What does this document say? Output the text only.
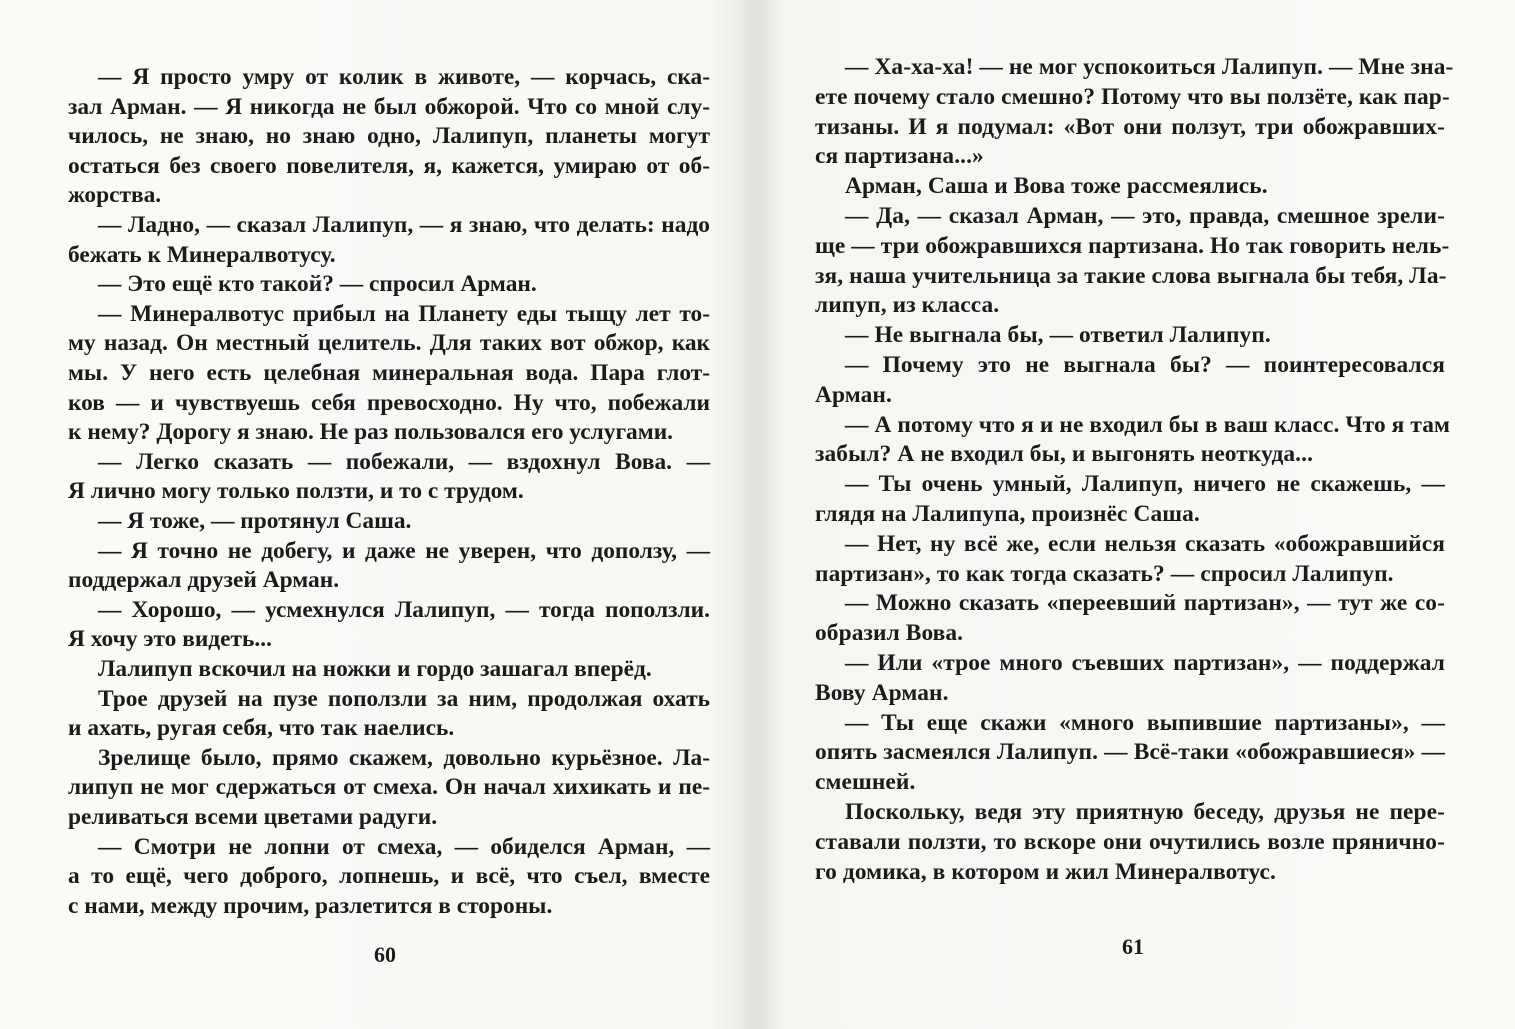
— Я просто умру от колик в животе, — корчась, ска-
зал Арман. — Я никогда не был обжорой. Что со мной слу-
чилось, не знаю, но знаю одно, Лалипуп, планеты могут
остаться без своего повелителя, я, кажется, умираю от об-
жорства.
— Ладно, — сказал Лалипуп, — я знаю, что делать: надо
бежать к Минералвотусу.
— Это ещё кто такой? — спросил Арман.
— Минералвотус прибыл на Планету еды тыщу лет то-
му назад. Он местный целитель. Для таких вот обжор, как
мы. У него есть целебная минеральная вода. Пара глот-
ков — и чувствуешь себя превосходно. Ну что, побежали
к нему? Дорогу я знаю. Не раз пользовался его услугами.
— Легко сказать — побежали, — вздохнул Вова. —
Я лично могу только ползти, и то с трудом.
— Я тоже, — протянул Саша.
— Я точно не добегу, и даже не уверен, что доползу, —
поддержал друзей Арман.
— Хорошо, — усмехнулся Лалипуп, — тогда поползли.
Я хочу это видеть...
Лалипуп вскочил на ножки и гордо зашагал вперёд.
Трое друзей на пузе поползли за ним, продолжая охать
и ахать, ругая себя, что так наелись.
Зрелище было, прямо скажем, довольно курьёзное. Ла-
липуп не мог сдержаться от смеха. Он начал хихикать и пе-
реливаться всеми цветами радуги.
— Смотри не лопни от смеха, — обиделся Арман, —
а то ещё, чего доброго, лопнешь, и всё, что съел, вместе
с нами, между прочим, разлетится в стороны.
60
— Ха-ха-ха! — не мог успокоиться Лалипуп. — Мне зна-
ете почему стало смешно? Потому что вы ползёте, как пар-
тизаны. И я подумал: «Вот они ползут, три обожравших-
ся партизана...»
Арман, Саша и Вова тоже рассмеялись.
— Да, — сказал Арман, — это, правда, смешное зрели-
ще — три обожравшихся партизана. Но так говорить нель-
зя, наша учительница за такие слова выгнала бы тебя, Ла-
липуп, из класса.
— Не выгнала бы, — ответил Лалипуп.
— Почему это не выгнала бы? — поинтересовался
Арман.
— А потому что я и не входил бы в ваш класс. Что я там
забыл? А не входил бы, и выгонять неоткуда...
— Ты очень умный, Лалипуп, ничего не скажешь, —
глядя на Лалипупа, произнёс Саша.
— Нет, ну всё же, если нельзя сказать «обожравшийся
партизан», то как тогда сказать? — спросил Лалипуп.
— Можно сказать «переевший партизан», — тут же со-
образил Вова.
— Или «трое много съевших партизан», — поддержал
Вову Арман.
— Ты еще скажи «много выпившие партизаны», —
опять засмеялся Лалипуп. — Всё-таки «обожравшиеся» —
смешней.
Поскольку, ведя эту приятную беседу, друзья не пере-
ставали ползти, то вскоре они очутились возле прянично-
го домика, в котором и жил Минералвотус.
61
